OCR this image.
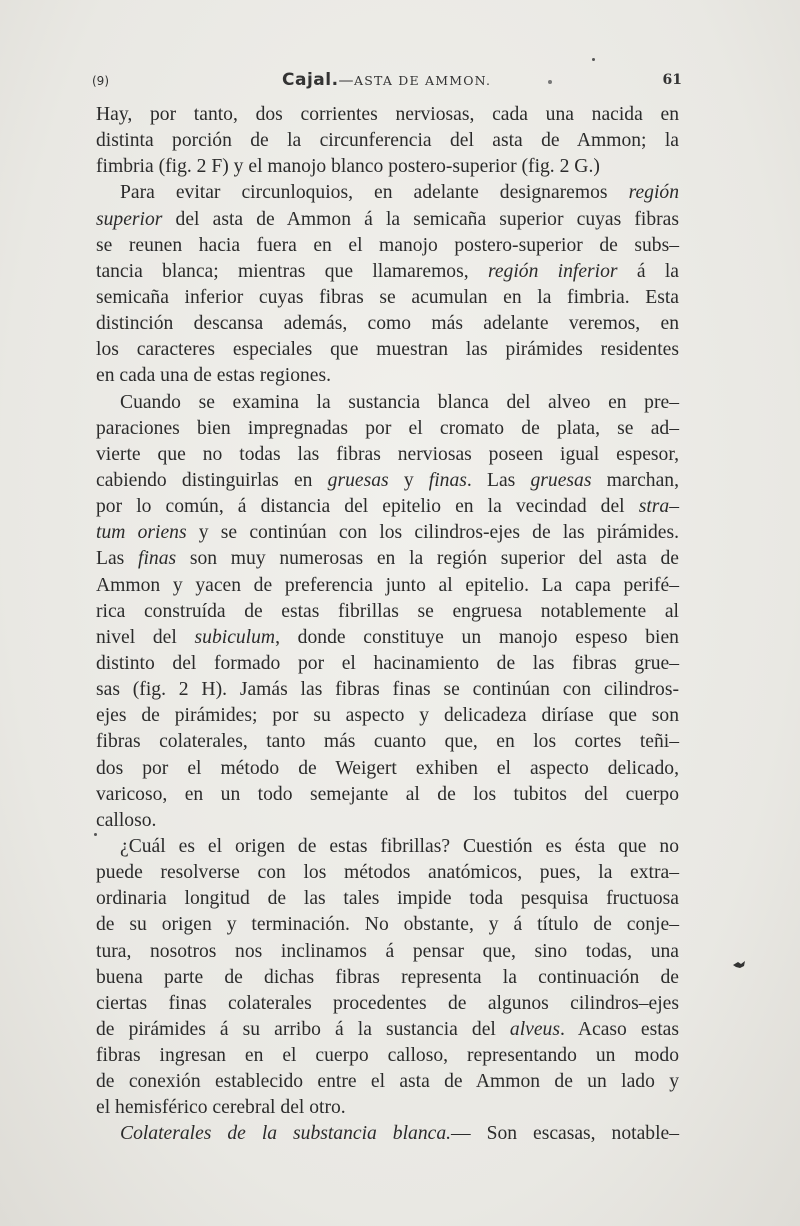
(9)	Cajal.—ASTA DE AMMON.	61
Hay, por tanto, dos corrientes nerviosas, cada una nacida en
distinta porción de la circunferencia del asta de Ammon; la
fimbria (fig. 2 F) y el manojo blanco postero-superior (fig. 2 G.)
Para evitar circunloquios, en adelante designaremos región
superior del asta de Ammon á la semicaña superior cuyas fibras
se reunen hacia fuera en el manojo postero-superior de subs–
tancia blanca; mientras que llamaremos, región inferior á la
semicaña inferior cuyas fibras se acumulan en la fimbria. Esta
distinción descansa además, como más adelante veremos, en
los caracteres especiales que muestran las pirámides residentes
en cada una de estas regiones.
Cuando se examina la sustancia blanca del alveo en pre–
paraciones bien impregnadas por el cromato de plata, se ad–
vierte que no todas las fibras nerviosas poseen igual espesor,
cabiendo distinguirlas en gruesas y finas. Las gruesas marchan,
por lo común, á distancia del epitelio en la vecindad del stra–
tum oriens y se continúan con los cilindros-ejes de las pirámides.
Las finas son muy numerosas en la región superior del asta de
Ammon y yacen de preferencia junto al epitelio. La capa perifé–
rica construída de estas fibrillas se engruesa notablemente al
nivel del subiculum, donde constituye un manojo espeso bien
distinto del formado por el hacinamiento de las fibras grue–
sas (fig. 2 H). Jamás las fibras finas se continúan con cilindros-
ejes de pirámides; por su aspecto y delicadeza diríase que son
fibras colaterales, tanto más cuanto que, en los cortes teñi–
dos por el método de Weigert exhiben el aspecto delicado,
varicoso, en un todo semejante al de los tubitos del cuerpo
calloso.
¿Cuál es el origen de estas fibrillas? Cuestión es ésta que no
puede resolverse con los métodos anatómicos, pues, la extra–
ordinaria longitud de las tales impide toda pesquisa fructuosa
de su origen y terminación. No obstante, y á título de conje–
tura, nosotros nos inclinamos á pensar que, sino todas, una
buena parte de dichas fibras representa la continuación de
ciertas finas colaterales procedentes de algunos cilindros–ejes
de pirámides á su arribo á la sustancia del alveus. Acaso estas
fibras ingresan en el cuerpo calloso, representando un modo
de conexión establecido entre el asta de Ammon de un lado y
el hemisférico cerebral del otro.
Colaterales de la substancia blanca.— Son escasas, notable–
